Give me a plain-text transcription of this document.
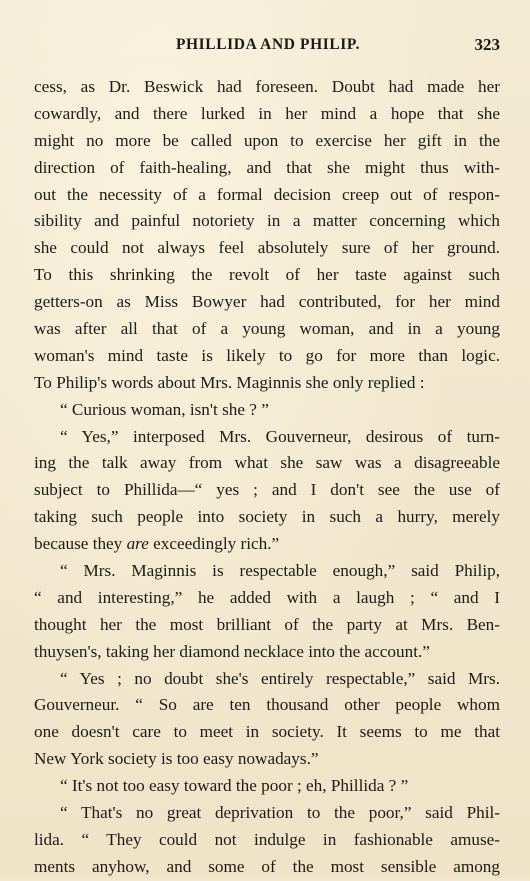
PHILLIDA AND PHILIP.	323
cess, as Dr. Beswick had foreseen. Doubt had made her
cowardly, and there lurked in her mind a hope that she
might no more be called upon to exercise her gift in the
direction of faith-healing, and that she might thus with-
out the necessity of a formal decision creep out of respon-
sibility and painful notoriety in a matter concerning which
she could not always feel absolutely sure of her ground.
To this shrinking the revolt of her taste against such
getters-on as Miss Bowyer had contributed, for her mind
was after all that of a young woman, and in a young
woman's mind taste is likely to go for more than logic.
To Philip's words about Mrs. Maginnis she only replied :
“ Curious woman, isn't she ? ”
“ Yes,” interposed Mrs. Gouverneur, desirous of turn-
ing the talk away from what she saw was a disagreeable
subject to Phillida—“ yes ; and I don't see the use of
taking such people into society in such a hurry, merely
because they are exceedingly rich.”
“ Mrs. Maginnis is respectable enough,” said Philip,
“ and interesting,” he added with a laugh ; “ and I
thought her the most brilliant of the party at Mrs. Ben-
thuysen's, taking her diamond necklace into the account.”
“ Yes ; no doubt she's entirely respectable,” said Mrs.
Gouverneur. “ So are ten thousand other people whom
one doesn't care to meet in society. It seems to me that
New York society is too easy nowadays.”
“ It's not too easy toward the poor ; eh, Phillida ? ”
“ That's no great deprivation to the poor,” said Phil-
lida. “ They could not indulge in fashionable amuse-
ments anyhow, and some of the most sensible among
